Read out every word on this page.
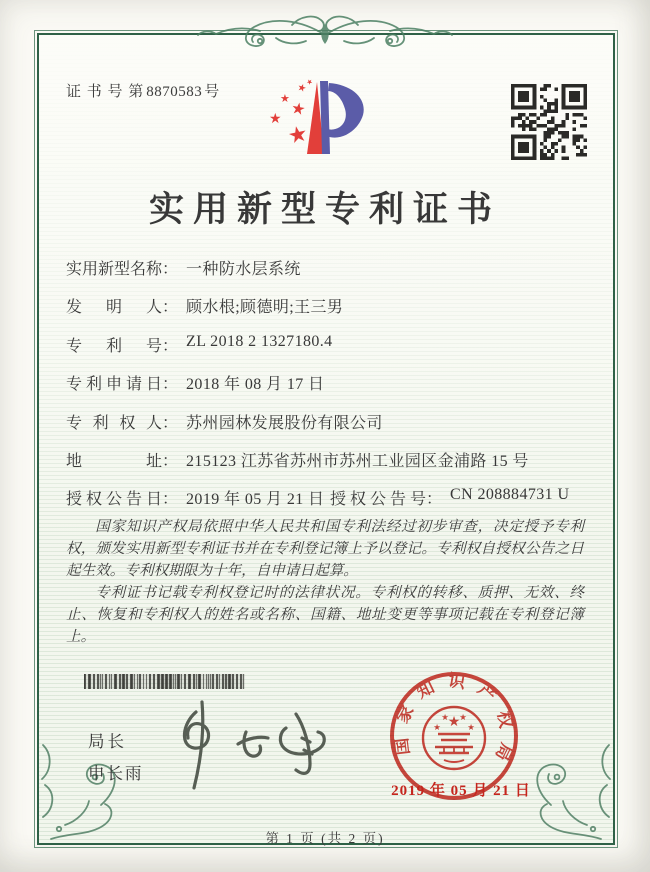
证 书 号 第 8870583 号
★
★
★
★
★
★
实用新型专利证书
实用新型名称： 一种防水层系统
发明人： 顾水根;顾德明;王三男
专利号： ZL 2018 2 1327180.4
专利申请日： 2018 年 08 月 17 日
专利权人： 苏州园林发展股份有限公司
地址： 215123 江苏省苏州市苏州工业园区金浦路 15 号
授权公告日： 2019 年 05 月 21 日 授权公告号： CN 208884731 U

国家知识产权局依照中华人民共和国专利法经过初步审查，决定授予专利权，颁发实用新型专利证书并在专利登记簿上予以登记。专利权自授权公告之日起生效。专利权期限为十年，自申请日起算。

专利证书记载专利权登记时的法律状况。专利权的转移、质押、无效、终止、恢复和专利权人的姓名或名称、国籍、地址变更等事项记载在专利登记簿上。

局长
申长雨
国家知识产权局
★
★
★ ★
★
2019 年 05 月 21 日
第 1 页 (共 2 页)
